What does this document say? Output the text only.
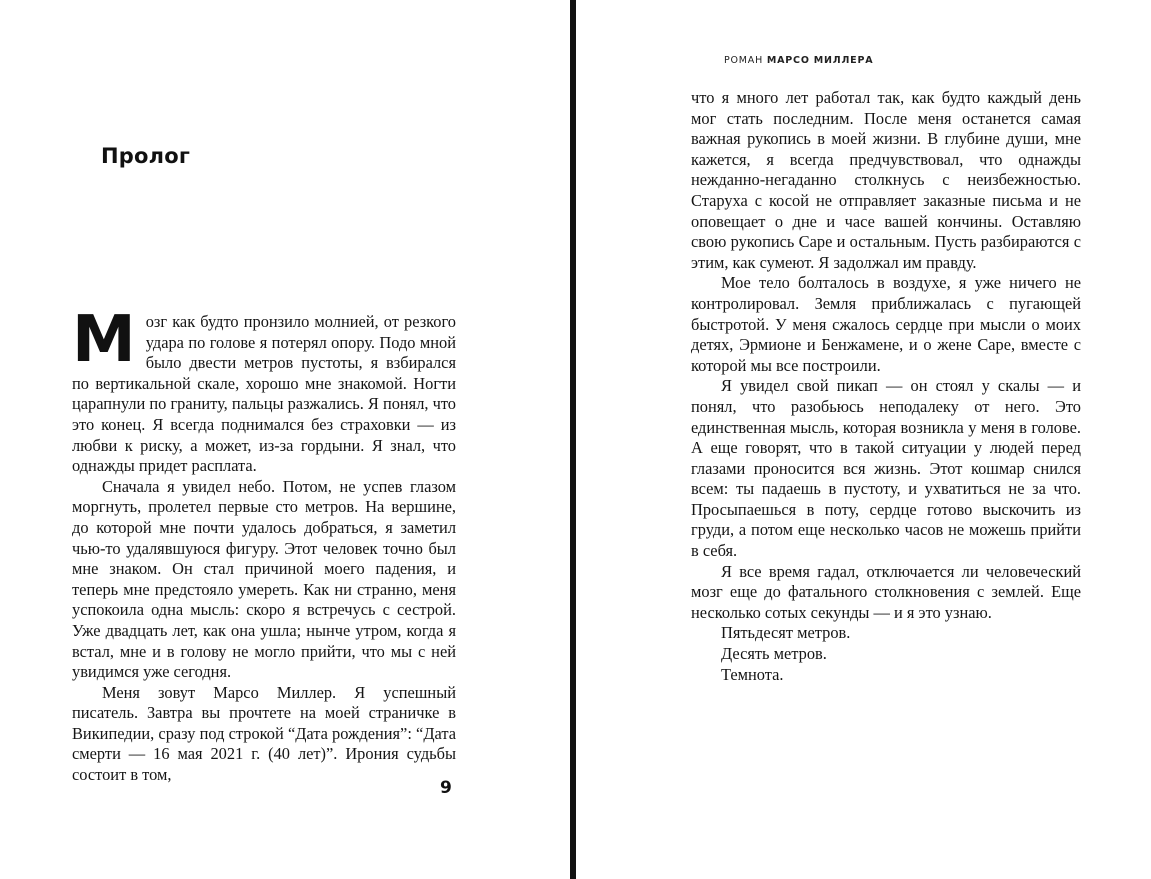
Пролог

Мозг как будто пронзило молнией, от резкого удара по голове я потерял опору. Подо мной было двести метров пустоты, я взбирался по вертикальной скале, хорошо мне знакомой. Ногти царапнули по граниту, пальцы разжались. Я понял, что это конец. Я всегда поднимался без страховки — из любви к риску, а может, из-за гордыни. Я знал, что однажды придет расплата.

Сначала я увидел небо. Потом, не успев глазом моргнуть, пролетел первые сто метров. На вершине, до которой мне почти удалось добраться, я заметил чью-то удалявшуюся фигуру. Этот человек точно был мне знаком. Он стал причиной моего падения, и теперь мне предстояло умереть. Как ни странно, меня успокоила одна мысль: скоро я встречусь с сестрой. Уже двадцать лет, как она ушла; нынче утром, когда я встал, мне и в голову не могло прийти, что мы с ней увидимся уже сегодня.

Меня зовут Марсо Миллер. Я успешный писатель. Завтра вы прочтете на моей страничке в Википедии, сразу под строкой “Дата рождения”: “Дата смерти — 16 мая 2021 г. (40 лет)”. Ирония судьбы состоит в том,

9
РОМАН МАРСО МИЛЛЕРА

что я много лет работал так, как будто каждый день мог стать последним. После меня останется самая важная рукопись в моей жизни. В глубине души, мне кажется, я всегда предчувствовал, что однажды нежданно-негаданно столкнусь с неизбежностью. Старуха с косой не отправляет заказные письма и не оповещает о дне и часе вашей кончины. Оставляю свою рукопись Саре и остальным. Пусть разбираются с этим, как сумеют. Я задолжал им правду.

Мое тело болталось в воздухе, я уже ничего не контролировал. Земля приближалась с пугающей быстротой. У меня сжалось сердце при мысли о моих детях, Эрмионе и Бенжамене, и о жене Саре, вместе с которой мы все построили.

Я увидел свой пикап — он стоял у скалы — и понял, что разобьюсь неподалеку от него. Это единственная мысль, которая возникла у меня в голове. А еще говорят, что в такой ситуации у людей перед глазами проносится вся жизнь. Этот кошмар снился всем: ты падаешь в пустоту, и ухватиться не за что. Просыпаешься в поту, сердце готово выскочить из груди, а потом еще несколько часов не можешь прийти в себя.

Я все время гадал, отключается ли человеческий мозг еще до фатального столкновения с землей. Еще несколько сотых секунды — и я это узнаю.

Пятьдесят метров.

Десять метров.

Темнота.
